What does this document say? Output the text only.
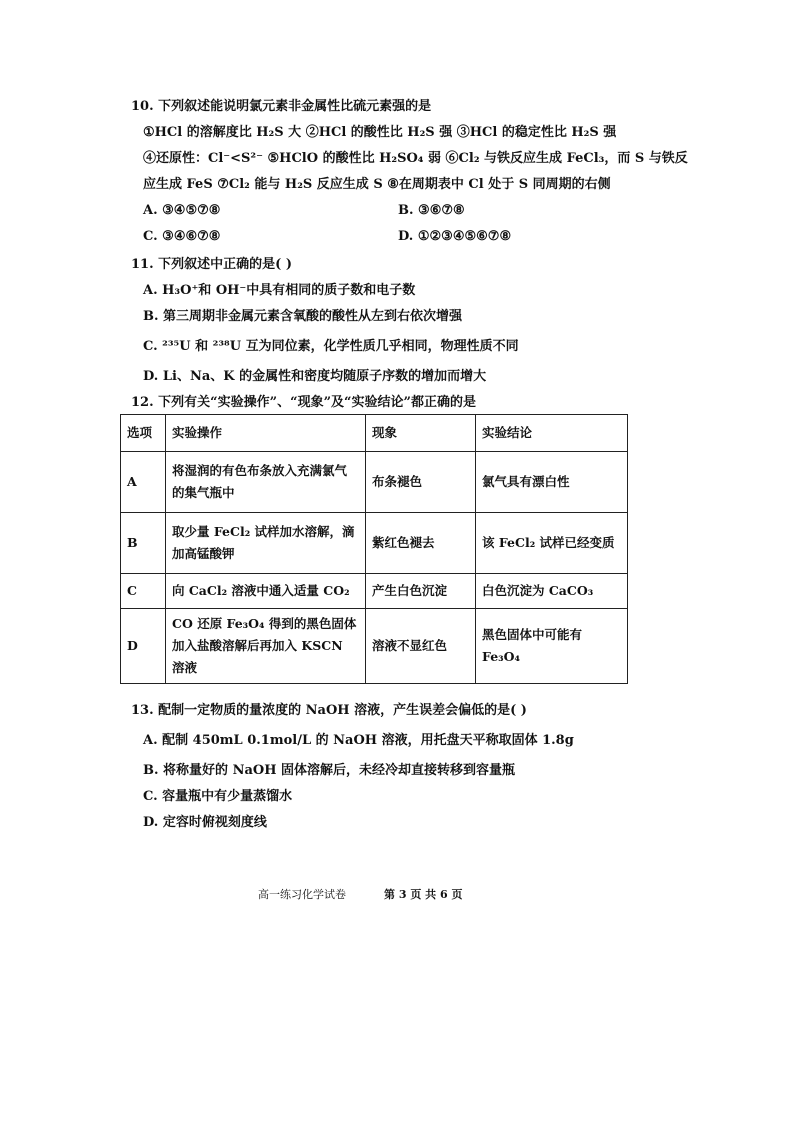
10. 下列叙述能说明氯元素非金属性比硫元素强的是
①HCl 的溶解度比 H₂S 大 ②HCl 的酸性比 H₂S 强 ③HCl 的稳定性比 H₂S 强
④还原性：Cl⁻<S²⁻ ⑤HClO 的酸性比 H₂SO₄ 弱 ⑥Cl₂ 与铁反应生成 FeCl₃，而 S 与铁反
应生成 FeS ⑦Cl₂ 能与 H₂S 反应生成 S ⑧在周期表中 Cl 处于 S 同周期的右侧
A. ③④⑤⑦⑧	B. ③⑥⑦⑧
C. ③④⑥⑦⑧	D. ①②③④⑤⑥⑦⑧
11. 下列叙述中正确的是( )
A. H₃O⁺和 OH⁻中具有相同的质子数和电子数
B. 第三周期非金属元素含氧酸的酸性从左到右依次增强
C. ²³⁵U 和 ²³⁸U 互为同位素，化学性质几乎相同，物理性质不同
D. Li、Na、K 的金属性和密度均随原子序数的增加而增大
12. 下列有关“实验操作”、“现象”及“实验结论”都正确的是
选项	实验操作	现象	实验结论
A	将湿润的有色布条放入充满氯气的集气瓶中	布条褪色	氯气具有漂白性
B	取少量 FeCl₂ 试样加水溶解，滴加高锰酸钾	紫红色褪去	该 FeCl₂ 试样已经变质
C	向 CaCl₂ 溶液中通入适量 CO₂	产生白色沉淀	白色沉淀为 CaCO₃
D	CO 还原 Fe₃O₄ 得到的黑色固体加入盐酸溶解后再加入 KSCN 溶液	溶液不显红色	黑色固体中可能有 Fe₃O₄
13. 配制一定物质的量浓度的 NaOH 溶液，产生误差会偏低的是( )
A. 配制 450mL 0.1mol/L 的 NaOH 溶液，用托盘天平称取固体 1.8g
B. 将称量好的 NaOH 固体溶解后，未经冷却直接转移到容量瓶
C. 容量瓶中有少量蒸馏水
D. 定容时俯视刻度线
高一练习化学试卷	第 3 页 共 6 页
